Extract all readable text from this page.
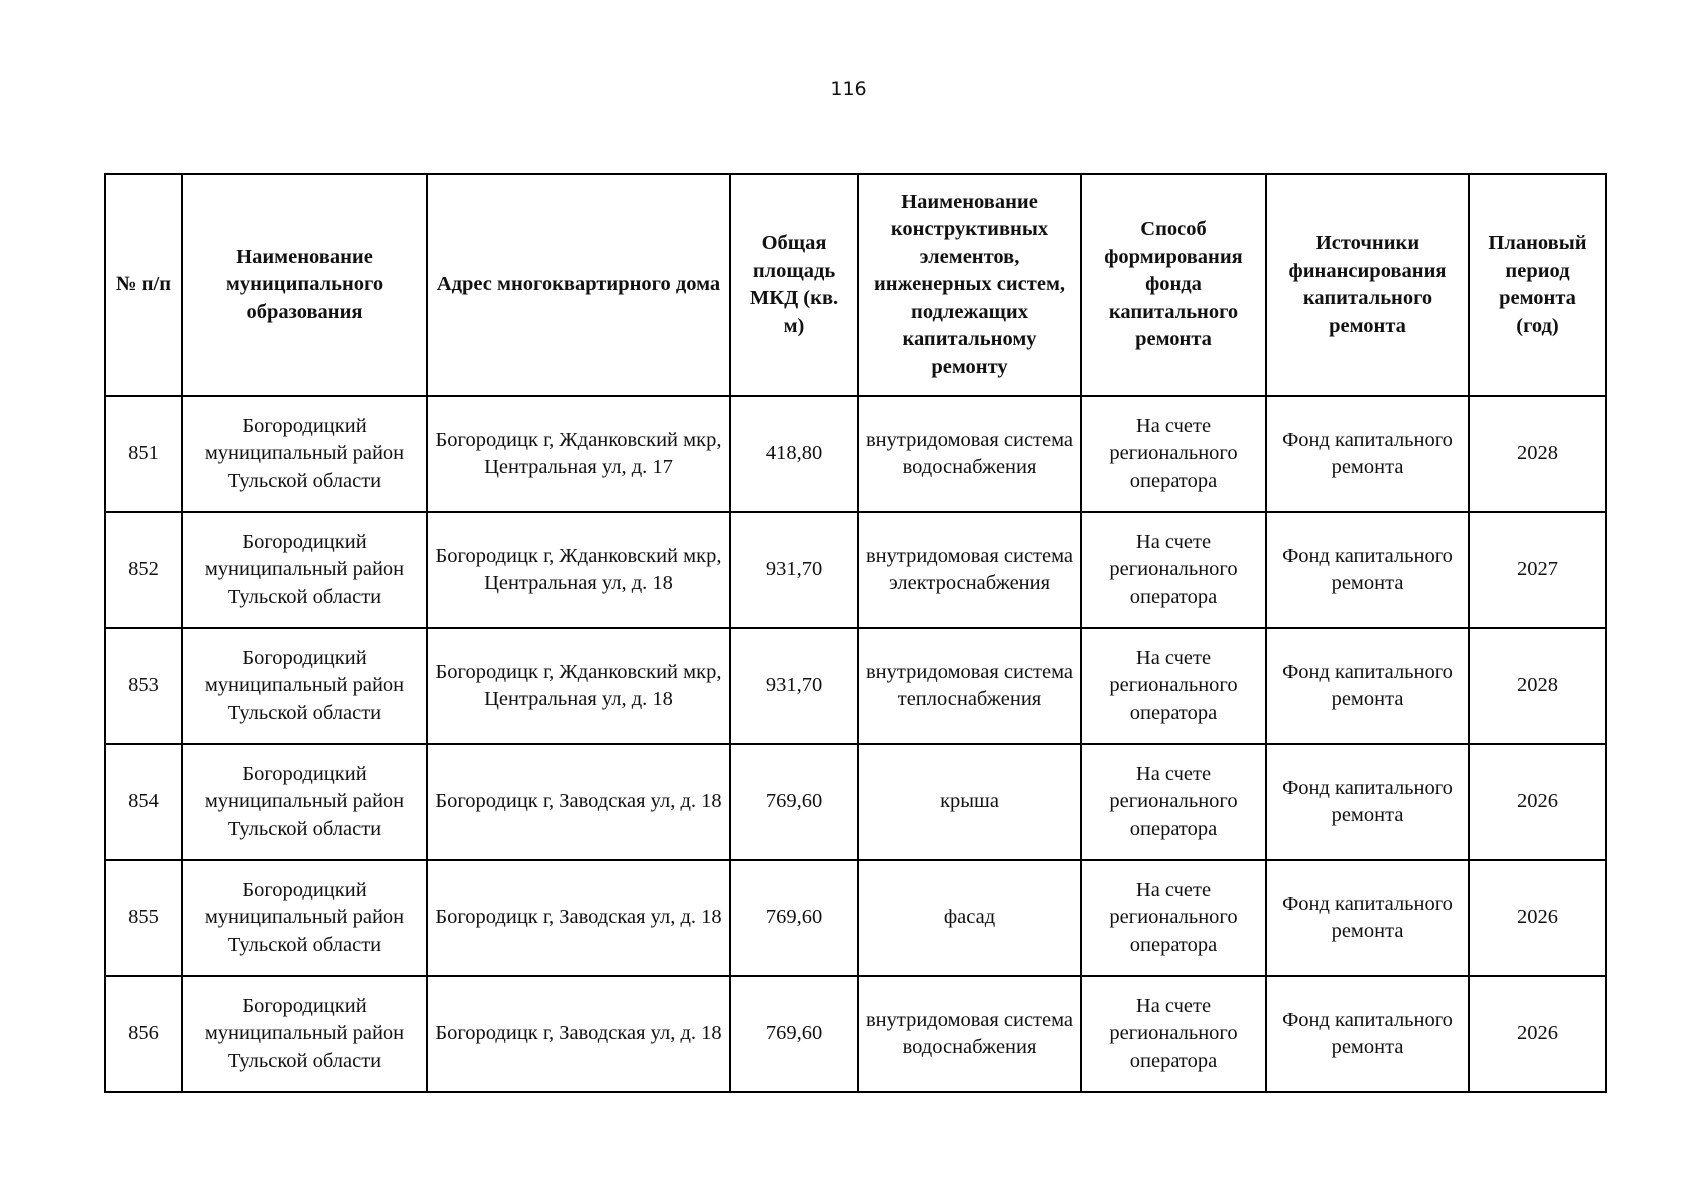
116
№ п/п	Наименование муниципального образования	Адрес многоквартирного дома	Общая площадь МКД (кв. м)	Наименование конструктивных элементов, инженерных систем, подлежащих капитальному ремонту	Способ формирования фонда капитального ремонта	Источники финансирования капитального ремонта	Плановый период ремонта (год)
851	Богородицкий муниципальный район Тульской области	Богородицк г, Жданковский мкр, Центральная ул, д. 17	418,80	внутридомовая система водоснабжения	На счете регионального оператора	Фонд капитального ремонта	2028
852	Богородицкий муниципальный район Тульской области	Богородицк г, Жданковский мкр, Центральная ул, д. 18	931,70	внутридомовая система электроснабжения	На счете регионального оператора	Фонд капитального ремонта	2027
853	Богородицкий муниципальный район Тульской области	Богородицк г, Жданковский мкр, Центральная ул, д. 18	931,70	внутридомовая система теплоснабжения	На счете регионального оператора	Фонд капитального ремонта	2028
854	Богородицкий муниципальный район Тульской области	Богородицк г, Заводская ул, д. 18	769,60	крыша	На счете регионального оператора	Фонд капитального ремонта	2026
855	Богородицкий муниципальный район Тульской области	Богородицк г, Заводская ул, д. 18	769,60	фасад	На счете регионального оператора	Фонд капитального ремонта	2026
856	Богородицкий муниципальный район Тульской области	Богородицк г, Заводская ул, д. 18	769,60	внутридомовая система водоснабжения	На счете регионального оператора	Фонд капитального ремонта	2026
